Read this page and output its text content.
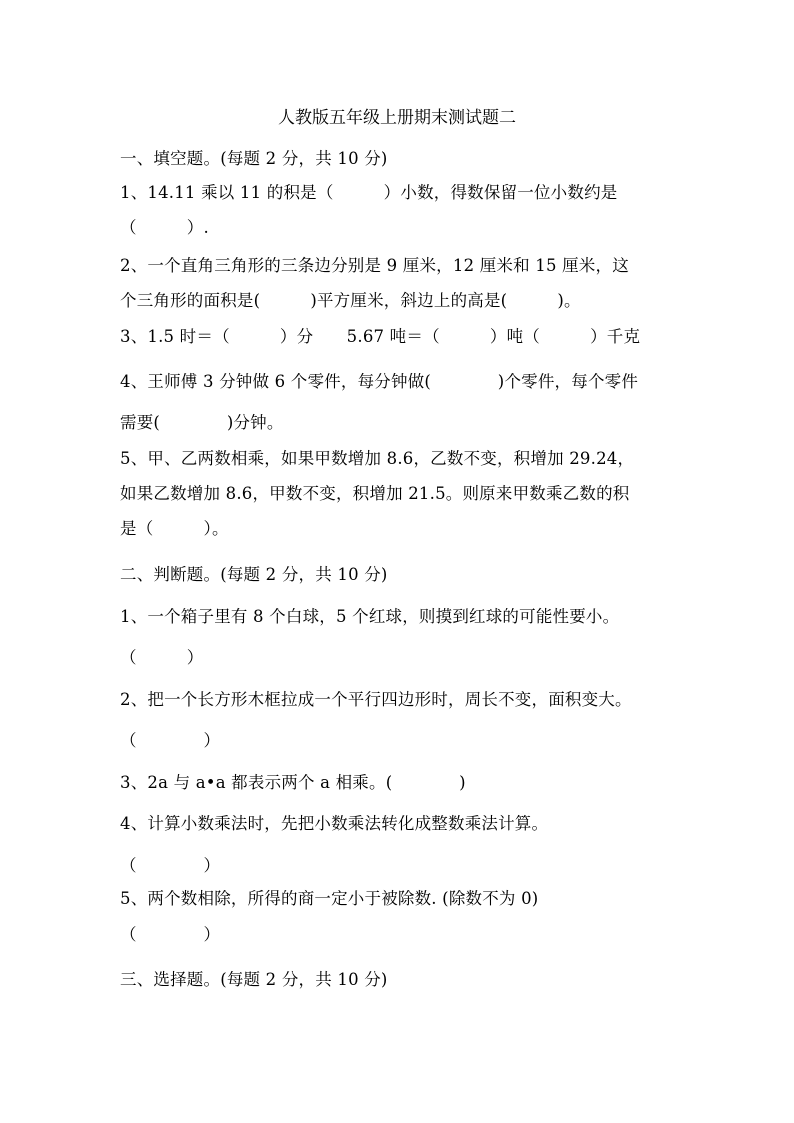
人教版五年级上册期末测试题二
一、填空题。(每题 2 分，共 10 分)
1、14.11 乘以 11 的积是（　　　）小数，得数保留一位小数约是
（　　　）.
2、一个直角三角形的三条边分别是 9 厘米，12 厘米和 15 厘米，这
个三角形的面积是(　　　)平方厘米，斜边上的高是(　　　)。
3、1.5 时＝（　　　）分　　5.67 吨＝（　　　）吨（　　　）千克
4、王师傅 3 分钟做 6 个零件，每分钟做(　　　　)个零件，每个零件
需要(　　　　)分钟。
5、甲、乙两数相乘，如果甲数增加 8.6，乙数不变，积增加 29.24，
如果乙数增加 8.6，甲数不变，积增加 21.5。则原来甲数乘乙数的积
是（　　　）。
二、判断题。(每题 2 分，共 10 分)
1、一个箱子里有 8 个白球，5 个红球，则摸到红球的可能性要小。
（　　　）
2、把一个长方形木框拉成一个平行四边形时，周长不变，面积变大。
（　　　　）
3、2a 与 a•a 都表示两个 a 相乘。(　　　　)
4、计算小数乘法时，先把小数乘法转化成整数乘法计算。
（　　　　）
5、两个数相除，所得的商一定小于被除数. (除数不为 0)
（　　　　）
三、选择题。(每题 2 分，共 10 分)
